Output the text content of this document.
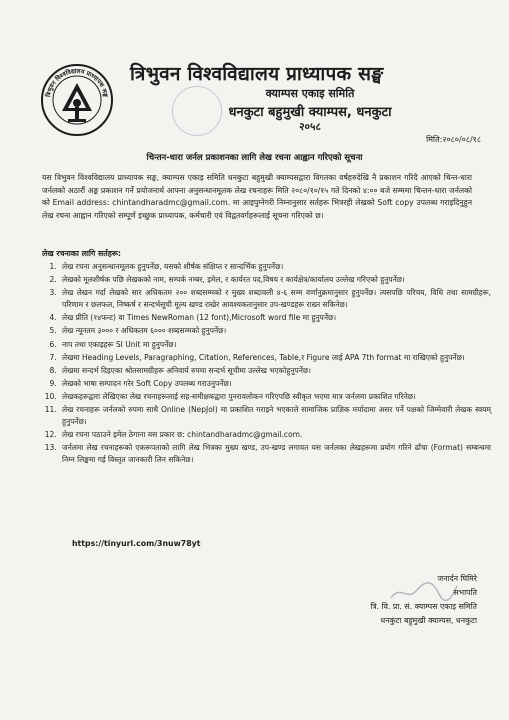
त्रिभुवन विश्वविद्यालय प्राध्यापक सङ्घ
त्रिभुवन विश्वविद्यालय प्राध्यापक सङ्घ
क्याम्पस एकाइ समिति
धनकुटा बहुमुखी क्याम्पस, धनकुटा
२०५८
मिति:२०८०/०८/१८
चिन्तन-धारा जर्नल प्रकाशनका लागि लेख रचना आह्वान गरिएको सूचना
यस त्रिभुवन विश्वविद्यालय प्राध्यापक सङ्घ, क्याम्पस एकाइ समिति धनकुटा बहुमुखी क्याम्पसद्वारा विगतका वर्षहरुदेखि नै प्रकाशन गरिदै आएको चिन्त-धारा जर्नलको अठारौं अङ्क प्रकाशन गर्ने प्रयोजनार्थ आफ्ना अनुसन्धानमूलक लेख रचनाहरू मिति २०८०/१०/१५ गते दिनको ४:०० बजे सम्ममा चिन्तन-धारा जर्नलको को Email address: chintandharadmc@gmail.com. मा आइपुग्नेगरी निम्नानुसार सर्तहरू भित्ररही लेखको Soft copy उपलब्ध गराइदिनुहुन लेख रचना आह्वान गरिएको सम्पूर्ण इच्छुक प्राध्यापक, कर्मचारी एवं विद्वतवर्गहरूलाई सूचना गरिएको छ।
लेख रचनाका लागि सर्तहरू:
1. लेख रचना अनुसन्धानमूलक हुनुपर्नेछ, यसको शीर्षक संक्षिप्त र सान्दर्भिक हुनुपर्नेछ।
2. लेखको मूलशीर्षक पछि लेखकको नाम, सम्पर्क नम्बर, इमेल, र कार्यरत पद,विषय र कार्यक्षेत्र/कार्यालय उल्लेख गरिएको हुनुपर्नेछ।
3. लेख लेखन गर्दा लेखको सार अधिकतम २०० शब्दसम्मको र मुख्य शब्दावली ४-६ सम्म वर्णानुक्रमानुसार हुनुपर्नेछ। त्यसपछि परिचय, विधि तथा सामग्रीहरू, परिणाम र छलफल, निष्कर्ष र सन्दर्भसूची मूल्य खण्ड राखेर आवश्यकतानुसार उप-खण्डहरू राख्न सकिनेछ।
4. लेख प्रीति (१४फन्ट) वा Times NewRoman (12 font),Microsoft word file मा हुनुपर्नेछ।
5. लेख न्यूनतम ३००० र अधिकतम ६००० शब्दसम्मको हुनुपर्नेछ।
6. नाप तथा एकाइहरू SI Unit मा हुनुपर्नेछ।
7. लेखमा Heading Levels, Paragraphing, Citation, References, Table,र Figure लाई APA 7th format मा राखिएको हुनुपर्नेछ।
8. लेखमा सन्दर्भ दिइएका श्रोतसामग्रीहरू अनिवार्य रुपमा सन्दर्भ सूचीमा उल्लेख भएकोहुनुपर्नेछ।
9. लेखको भाषा सम्पादन गरेर Soft Copy उपलब्ध गराउनुपर्नेछ।
10. लेखकहरूद्वारा लेखिएका लेख रचनाहरूलाई सह-समीक्षकद्वारा पुनरावलोकन गरिएपछि स्वीकृत भएमा मात्र जर्नलमा प्रकाशित गरिनेछ।
11. लेख रचनाहरू जर्नलको रुपमा साथै Online (NepJol) मा प्रकाशित गराइने भएकाले सामाजिक प्राज्ञिक मर्यादामा असर पर्ने पक्षको जिम्मेवारी लेखक स्वयम् हुनुपर्नेछ।
12. लेख रचना पठाउने इमेल ठेगाना यस प्रकार छ: chintandharadmc@gmail.com.
13. जर्नलमा लेख रचनाहरूको एकरूपताको लागि लेख भित्रका मुख्य खण्ड, उप-खण्ड लगायत यस जर्नलका लेखहरूमा प्रयोग गरिने ढाँचा (Format) सम्बन्धमा निम्न लिङ्कमा गई विस्तृत जानकारी लिन सकिनेछ।
https://tinyurl.com/3nuw78yt
जनार्दन घिमिरे
सभापति
त्रि. वि. प्रा. सं. क्याम्पस एकाइ समिति
धनकुटा बहुमुखी क्याम्पस, धनकुटा
